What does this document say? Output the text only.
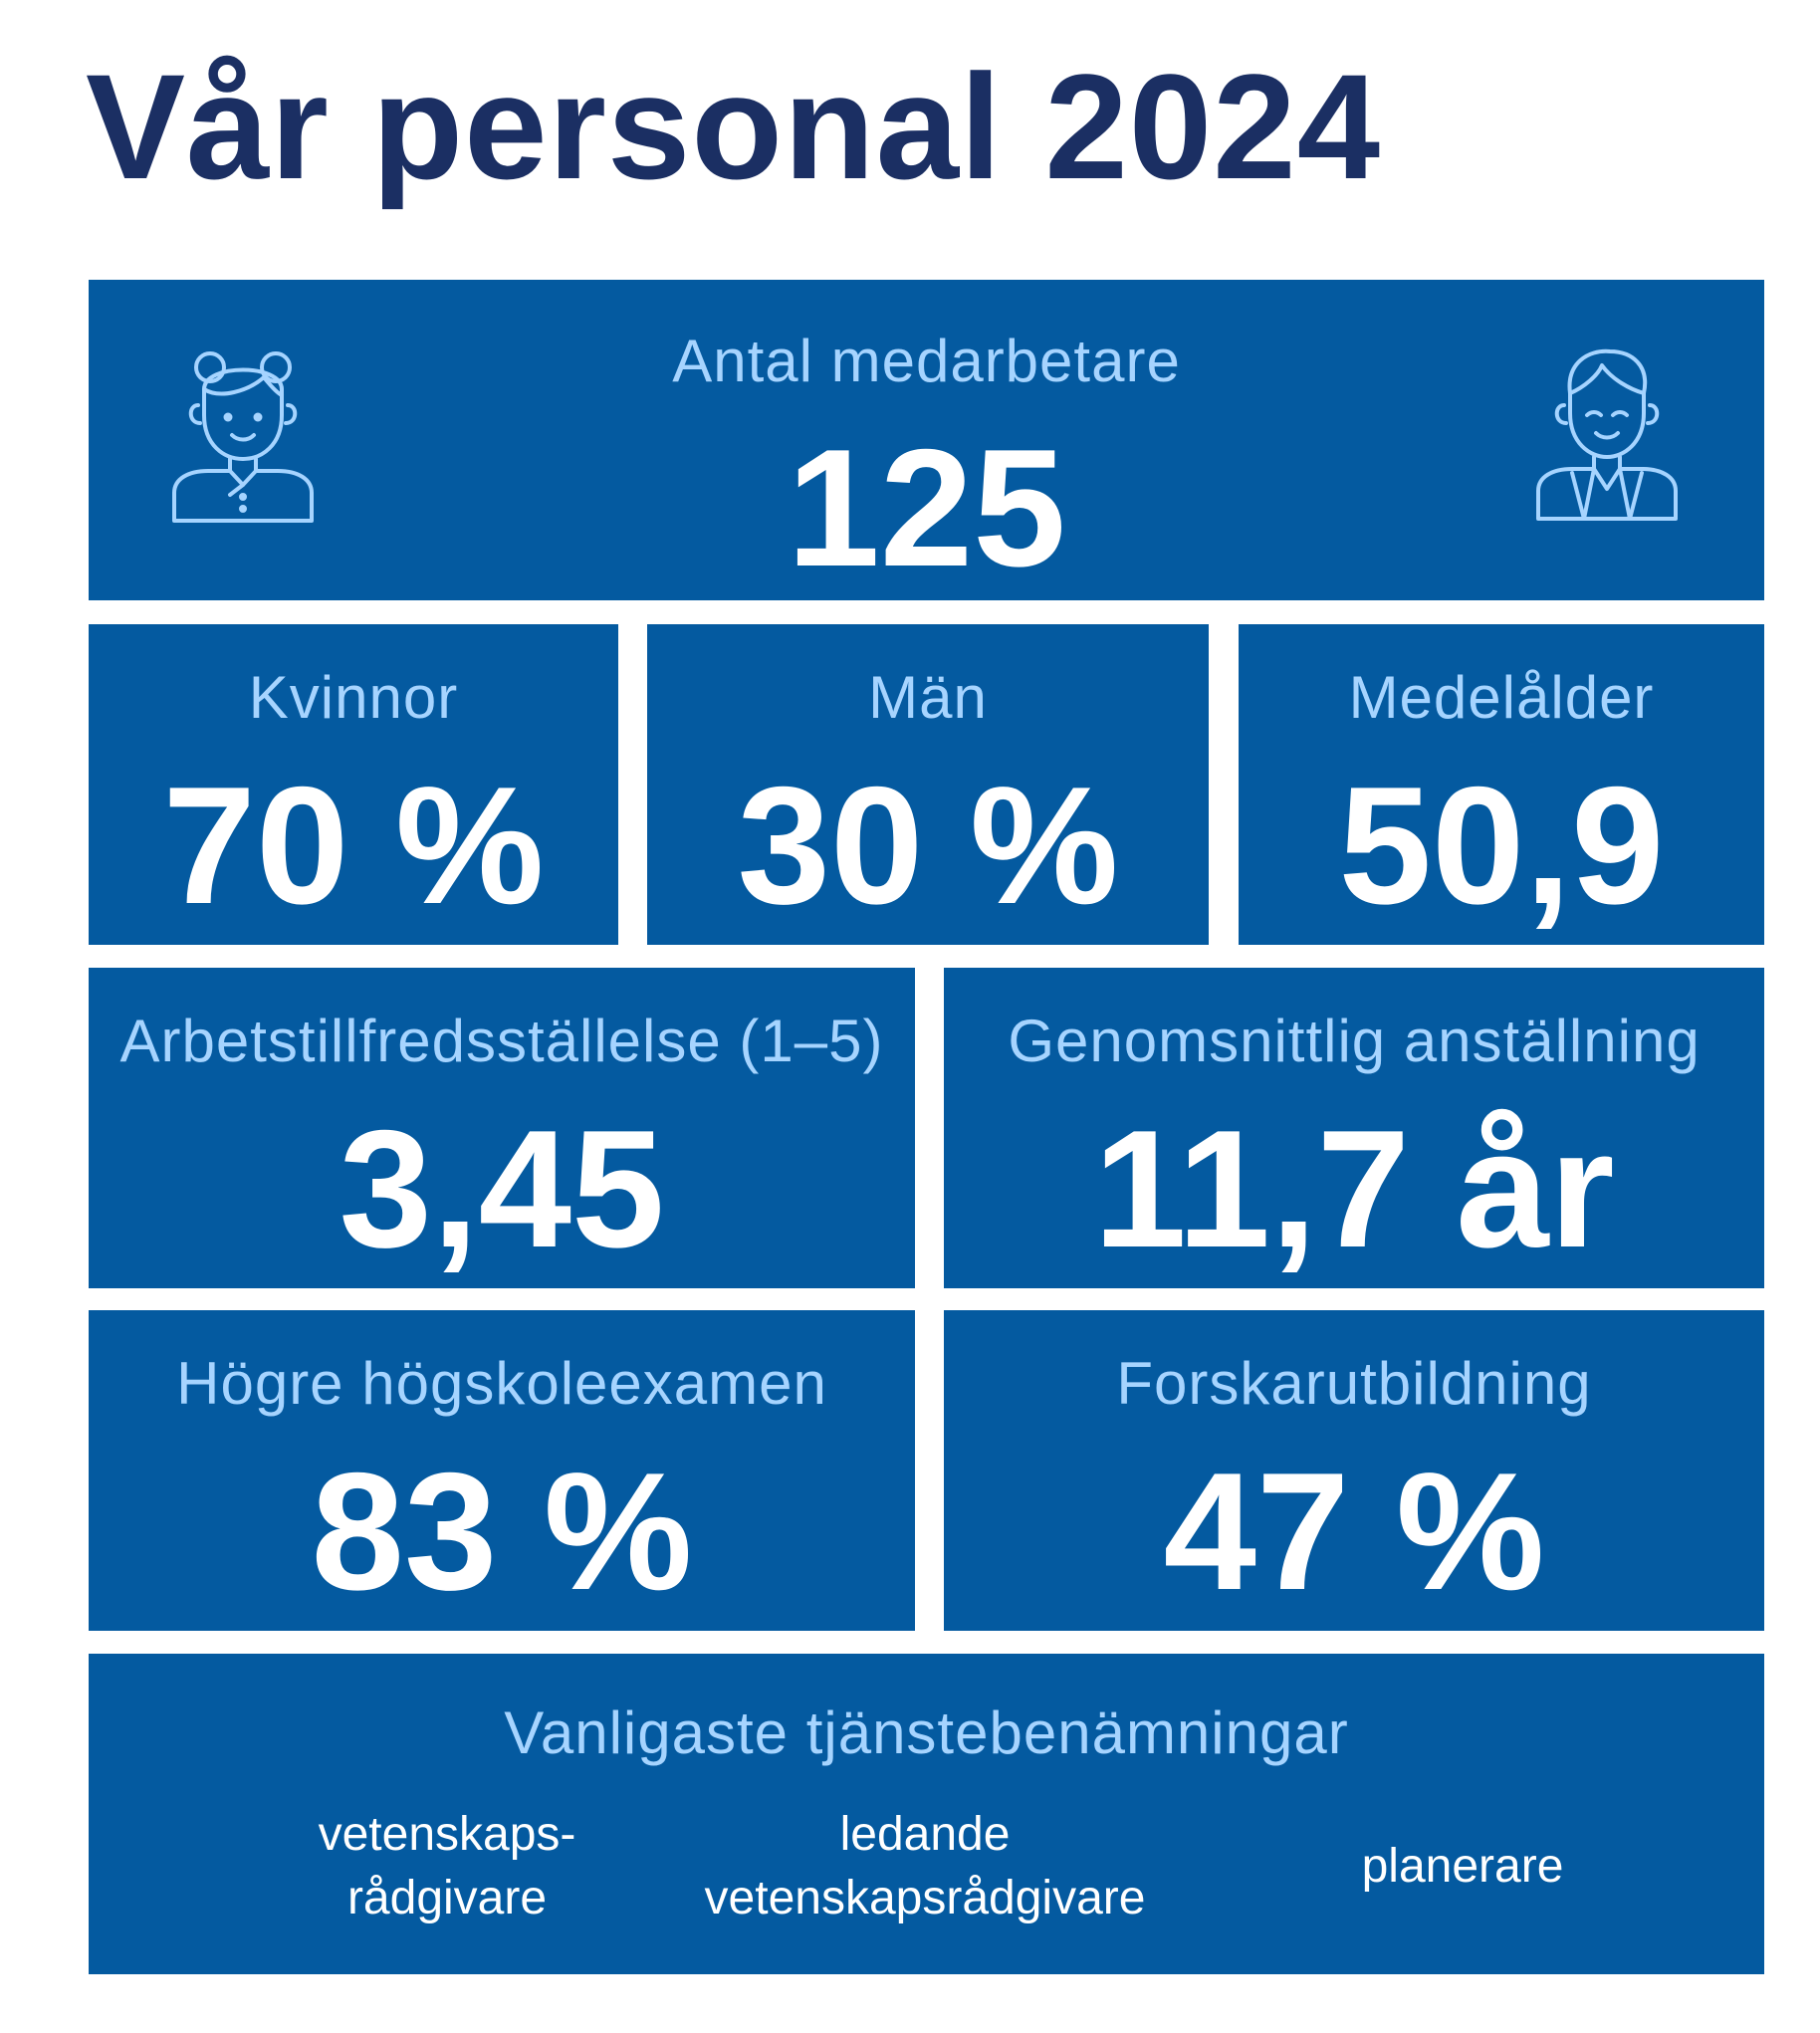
Vår personal 2024
Antal medarbetare
125
Kvinnor
70 %
Män
30 %
Medelålder
50,9
Arbetstillfredsställelse (1–5)
3,45
Genomsnittlig anställning
11,7 år
Högre högskoleexamen
83 %
Forskarutbildning
47 %
Vanligaste tjänstebenämningar
vetenskaps-
rådgivare
ledande
vetenskapsrådgivare
planerare
